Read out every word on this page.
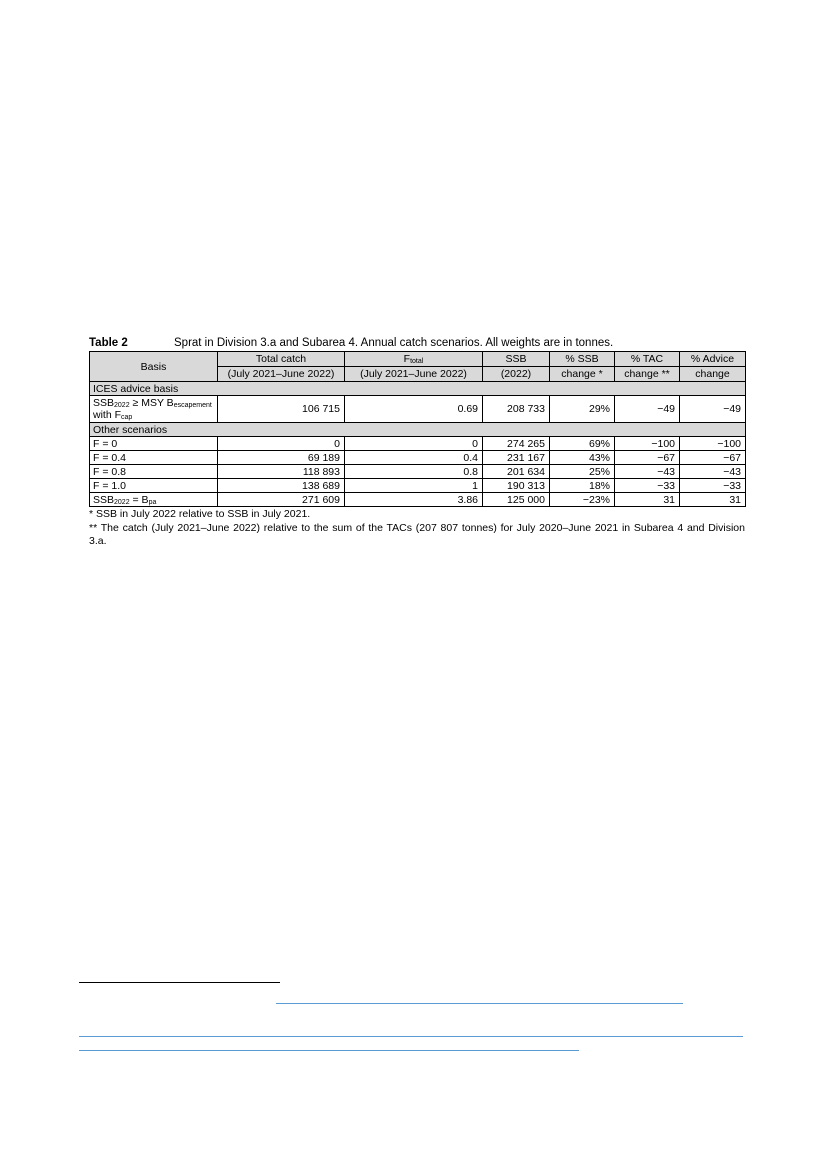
Table 2	Sprat in Division 3.a and Subarea 4. Annual catch scenarios. All weights are in tonnes.
Basis	Total catch	$F_{total}$	SSB	% SSB	% TAC	% Advice
	(July 2021–June 2022)	(July 2021–June 2022)	(2022)	change *	change **	change
ICES advice basis						
$SSB_{2022}$ ≥ MSY $B_{escapement}$
with $F_{cap}$	106 715	0.69	208 733	29%	−49	−49
Other scenarios						
F = 0	0	0	274 265	69%	−100	−100
F = 0.4	69 189	0.4	231 167	43%	−67	−67
F = 0.8	118 893	0.8	201 634	25%	−43	−43
F = 1.0	138 689	1	190 313	18%	−33	−33
$SSB_{2022} = B_{pa}$	271 609	3.86	125 000	−23%	31	31

* SSB in July 2022 relative to SSB in July 2021.

** The catch (July 2021–June 2022) relative to the sum of the TACs (207 807 tonnes) for July 2020–June 2021 in Subarea 4 and Division 3.a.
